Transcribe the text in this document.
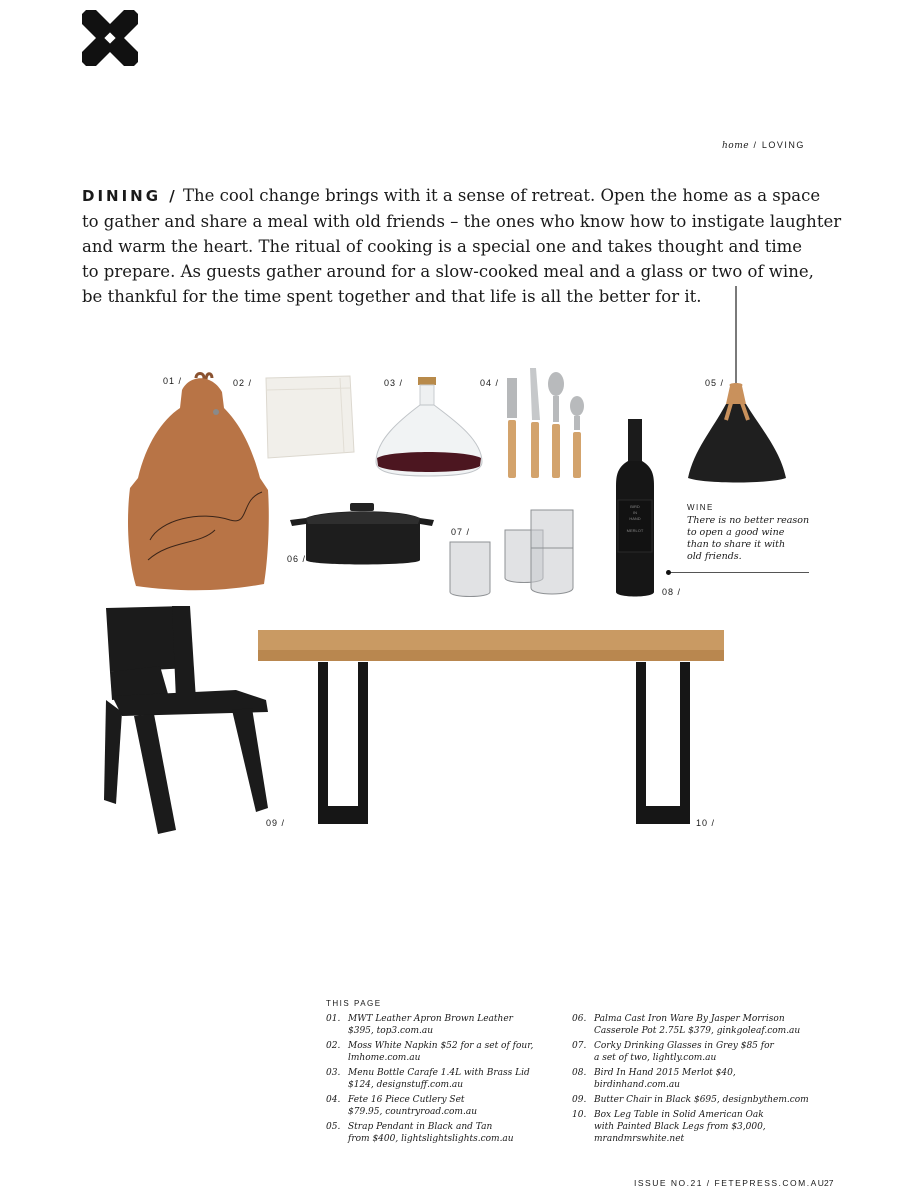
home / LOVING
DINING / The cool change brings with it a sense of retreat. Open the home as a space
to gather and share a meal with old friends – the ones who know how to instigate laughter
and warm the heart. The ritual of cooking is a special one and takes thought and time
to prepare. As guests gather around for a slow-cooked meal and a glass or two of wine,
be thankful for the time spent together and that life is all the better for it.
BIRD
IN
HAND
MERLOT
01 /	02 /	03 /	04 /	05 /
06 /
07 /
08 /
09 /	10 /
WINE
There is no better reason
to open a good wine
than to share it with
old friends.
THIS PAGE
01. MWT Leather Apron Brown Leather
$395, top3.com.au
02. Moss White Napkin $52 for a set of four,
lmhome.com.au
03. Menu Bottle Carafe 1.4L with Brass Lid
$124, designstuff.com.au
04. Fete 16 Piece Cutlery Set
$79.95, countryroad.com.au
05. Strap Pendant in Black and Tan
from $400, lightslightslights.com.au
06. Palma Cast Iron Ware By Jasper Morrison
Casserole Pot 2.75L $379, ginkgoleaf.com.au
07. Corky Drinking Glasses in Grey $85 for
a set of two, lightly.com.au
08. Bird In Hand 2015 Merlot $40,
birdinhand.com.au
09. Butter Chair in Black $695, designbythem.com
10. Box Leg Table in Solid American Oak
with Painted Black Legs from $3,000,
mrandmrswhite.net
ISSUE NO.21 / FETEPRESS.COM.AU
27
